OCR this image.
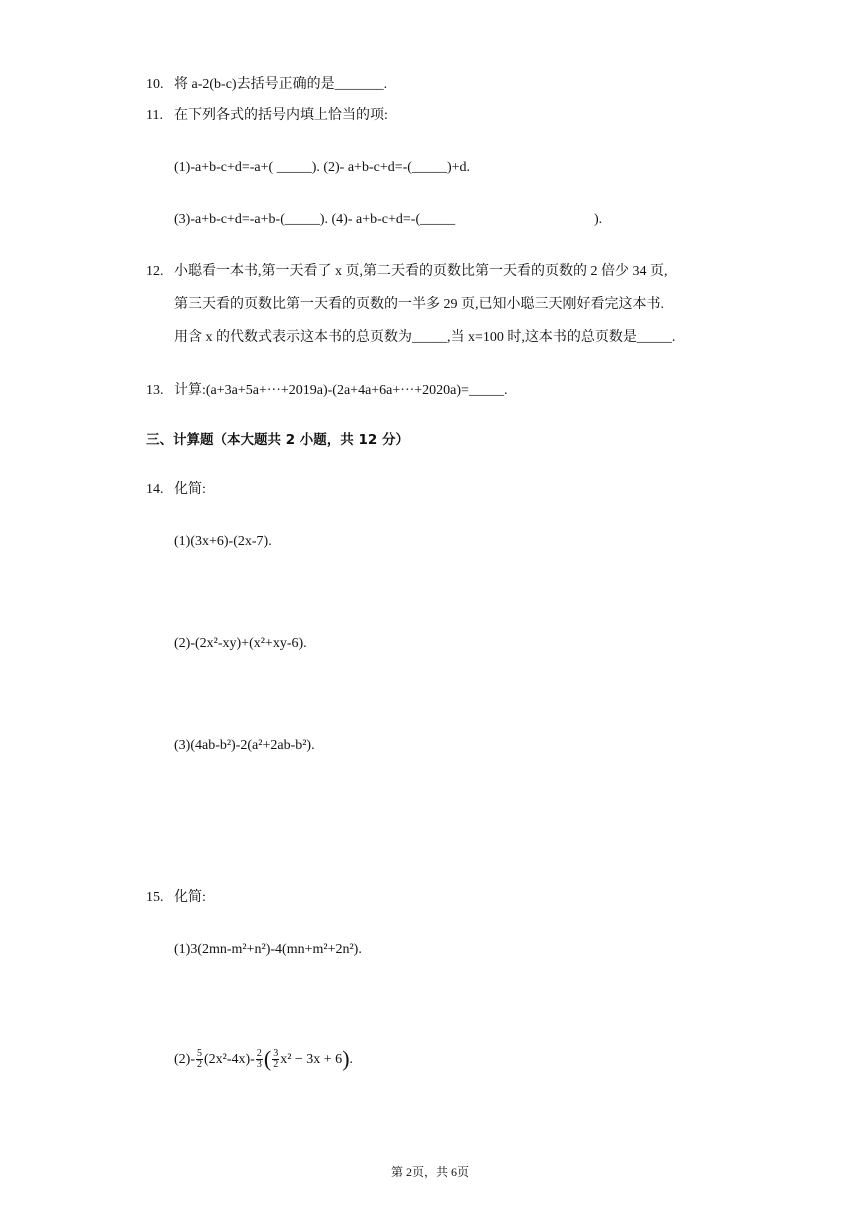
10. 将 a-2(b-c)去括号正确的是_______.
11. 在下列各式的括号内填上恰当的项:
(1)-a+b-c+d=-a+( _____). (2)- a+b-c+d=-(_____)+d.
(3)-a+b-c+d=-a+b-(_____). (4)- a+b-c+d=-(_____	).
12. 小聪看一本书,第一天看了 x 页,第二天看的页数比第一天看的页数的 2 倍少 34 页,
第三天看的页数比第一天看的页数的一半多 29 页,已知小聪三天刚好看完这本书.
用含 x 的代数式表示这本书的总页数为_____,当 x=100 时,这本书的总页数是_____.
13. 计算:(a+3a+5a+···+2019a)-(2a+4a+6a+···+2020a)=_____.
三、计算题（本大题共 2 小题，共 12 分）
14. 化简:
(1)(3x+6)-(2x-7).
(2)-(2x²-xy)+(x²+xy-6).
(3)(4ab-b²)-2(a²+2ab-b²).
15. 化简:
(1)3(2mn-m²+n²)-4(mn+m²+2n²).
$(2)- \frac{5}{2} (2x^2-4x)- \frac{2}{3}$ ( $\frac{3}{2} x^2 - 3x + 6$).
第 2页，共 6页
